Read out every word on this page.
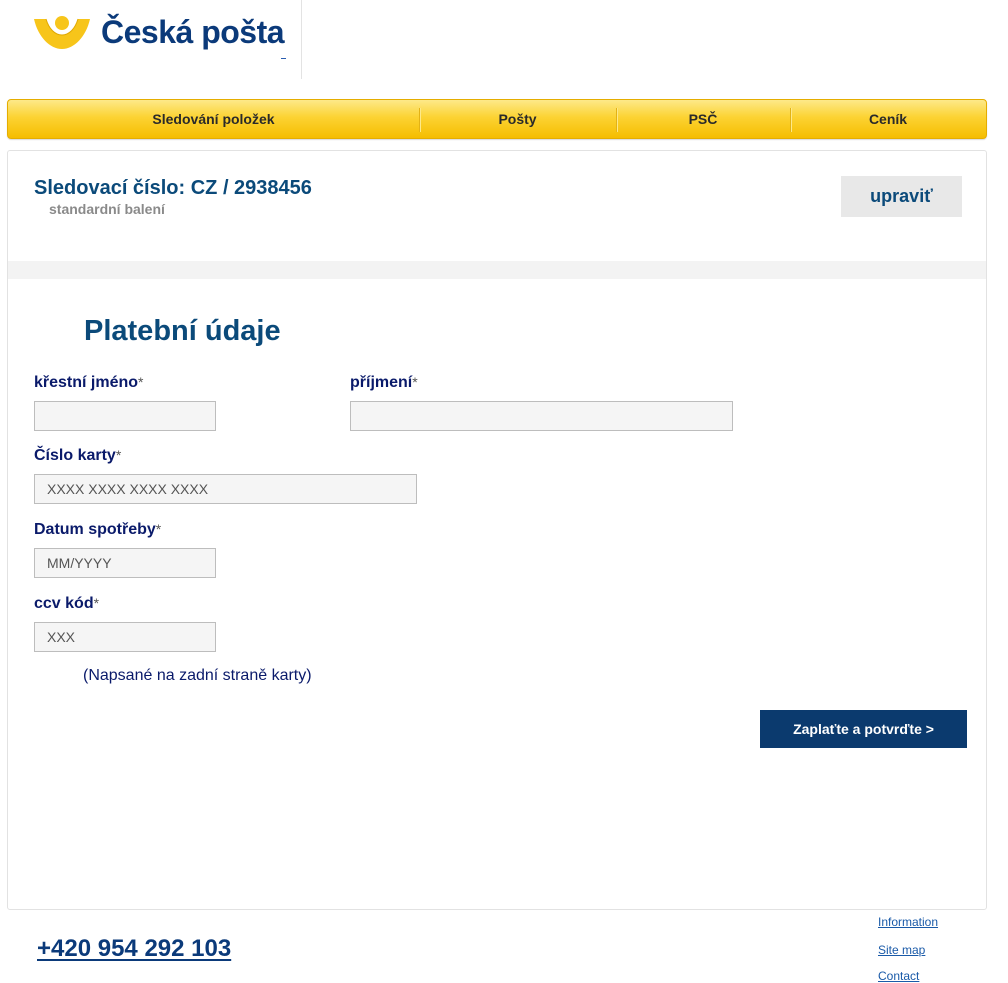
Česká pošta
Sledování položek	Pošty	PSČ	Ceník
Sledovací číslo: CZ / 2938456
standardní balení
upraviť
Platební údaje
křestní jméno*	příjmení*
Číslo karty*
XXXX XXXX XXXX XXXX
Datum spotřeby*
MM/YYYY
ccv kód*
XXX
(Napsané na zadní straně karty)
Zaplaťte a potvrďte >
+420 954 292 103
Information
Site map
Contact
